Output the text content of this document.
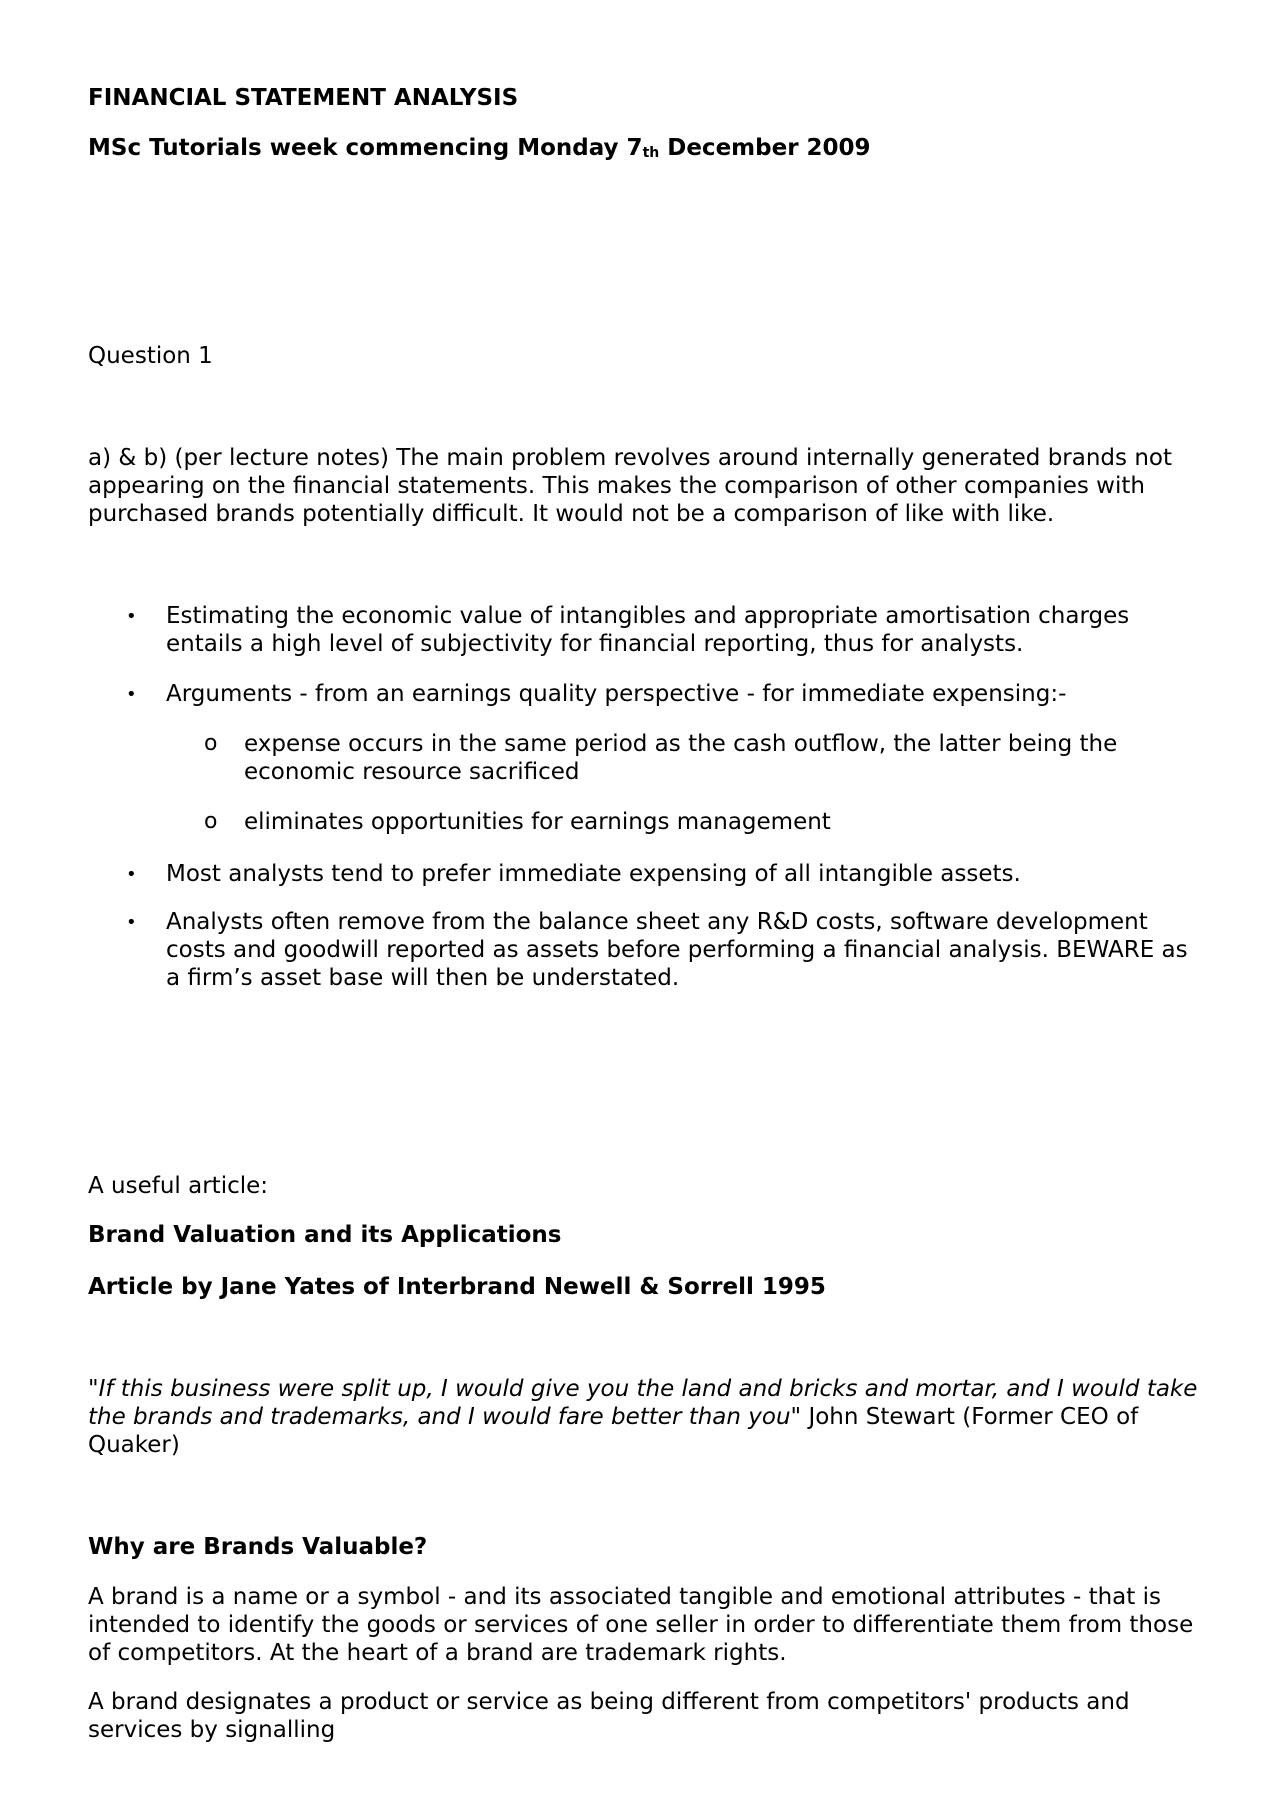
FINANCIAL STATEMENT ANALYSIS

MSc Tutorials week commencing Monday 7th December 2009

Question 1

a) & b) (per lecture notes) The main problem revolves around internally generated brands not appearing on the financial statements. This makes the comparison of other companies with purchased brands potentially difficult. It would not be a comparison of like with like.

• Estimating the economic value of intangibles and appropriate amortisation charges entails a high level of subjectivity for financial reporting, thus for analysts.

• Arguments - from an earnings quality perspective - for immediate expensing:-

o expense occurs in the same period as the cash outflow, the latter being the economic resource sacrificed

o eliminates opportunities for earnings management

• Most analysts tend to prefer immediate expensing of all intangible assets.

• Analysts often remove from the balance sheet any R&D costs, software development costs and goodwill reported as assets before performing a financial analysis. BEWARE as a firm’s asset base will then be understated.

A useful article:

Brand Valuation and its Applications

Article by Jane Yates of Interbrand Newell & Sorrell 1995

"If this business were split up, I would give you the land and bricks and mortar, and I would take the brands and trademarks, and I would fare better than you" John Stewart (Former CEO of Quaker)

Why are Brands Valuable?

A brand is a name or a symbol - and its associated tangible and emotional attributes - that is intended to identify the goods or services of one seller in order to differentiate them from those of competitors. At the heart of a brand are trademark rights.

A brand designates a product or service as being different from competitors' products and services by signalling
